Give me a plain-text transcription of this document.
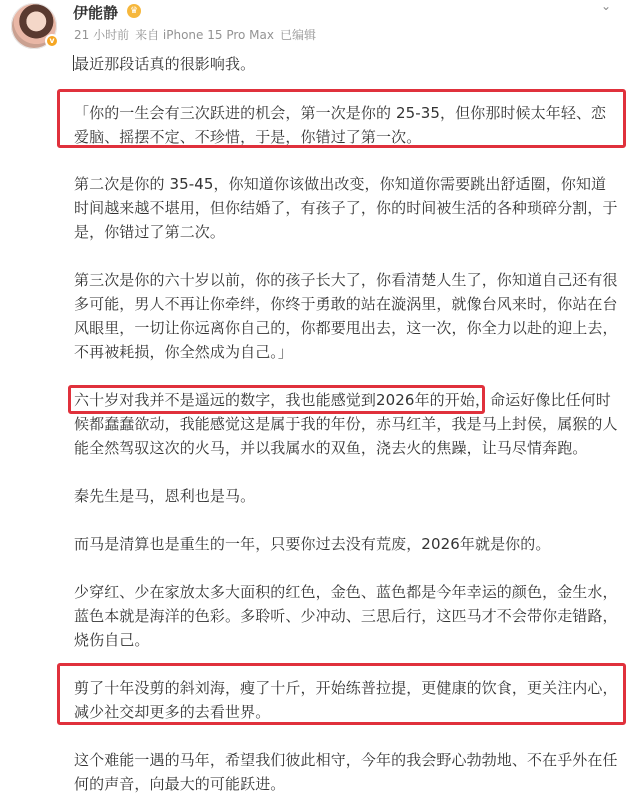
v
伊能静	♛
21 小时前 来自 iPhone 15 Pro Max 已编辑
⌄

最近那段话真的很影响我。

「你的一生会有三次跃进的机会，第一次是你的 25-35，但你那时候太年轻、恋爱脑、摇摆不定、不珍惜，于是，你错过了第一次。

第二次是你的 35-45，你知道你该做出改变，你知道你需要跳出舒适圈，你知道时间越来越不堪用，但你结婚了，有孩子了，你的时间被生活的各种琐碎分割，于是，你错过了第二次。

第三次是你的六十岁以前，你的孩子长大了，你看清楚人生了，你知道自己还有很多可能，男人不再让你牵绊，你终于勇敢的站在漩涡里，就像台风来时，你站在台风眼里，一切让你远离你自己的，你都要甩出去，这一次，你全力以赴的迎上去，不再被耗损，你全然成为自己。」

六十岁对我并不是遥远的数字，我也能感觉到2026年的开始，命运好像比任何时候都蠢蠢欲动，我能感觉这是属于我的年份，赤马红羊，我是马上封侯，属猴的人能全然驾驭这次的火马，并以我属水的双鱼，浇去火的焦躁，让马尽情奔跑。

秦先生是马，恩利也是马。

而马是清算也是重生的一年，只要你过去没有荒废，2026年就是你的。

少穿红、少在家放太多大面积的红色，金色、蓝色都是今年幸运的颜色，金生水，蓝色本就是海洋的色彩。多聆听、少冲动、三思后行，这匹马才不会带你走错路，烧伤自己。

剪了十年没剪的斜刘海，瘦了十斤，开始练普拉提，更健康的饮食，更关注内心，减少社交却更多的去看世界。

这个难能一遇的马年，希望我们彼此相守，今年的我会野心勃勃地、不在乎外在任何的声音，向最大的可能跃进。
